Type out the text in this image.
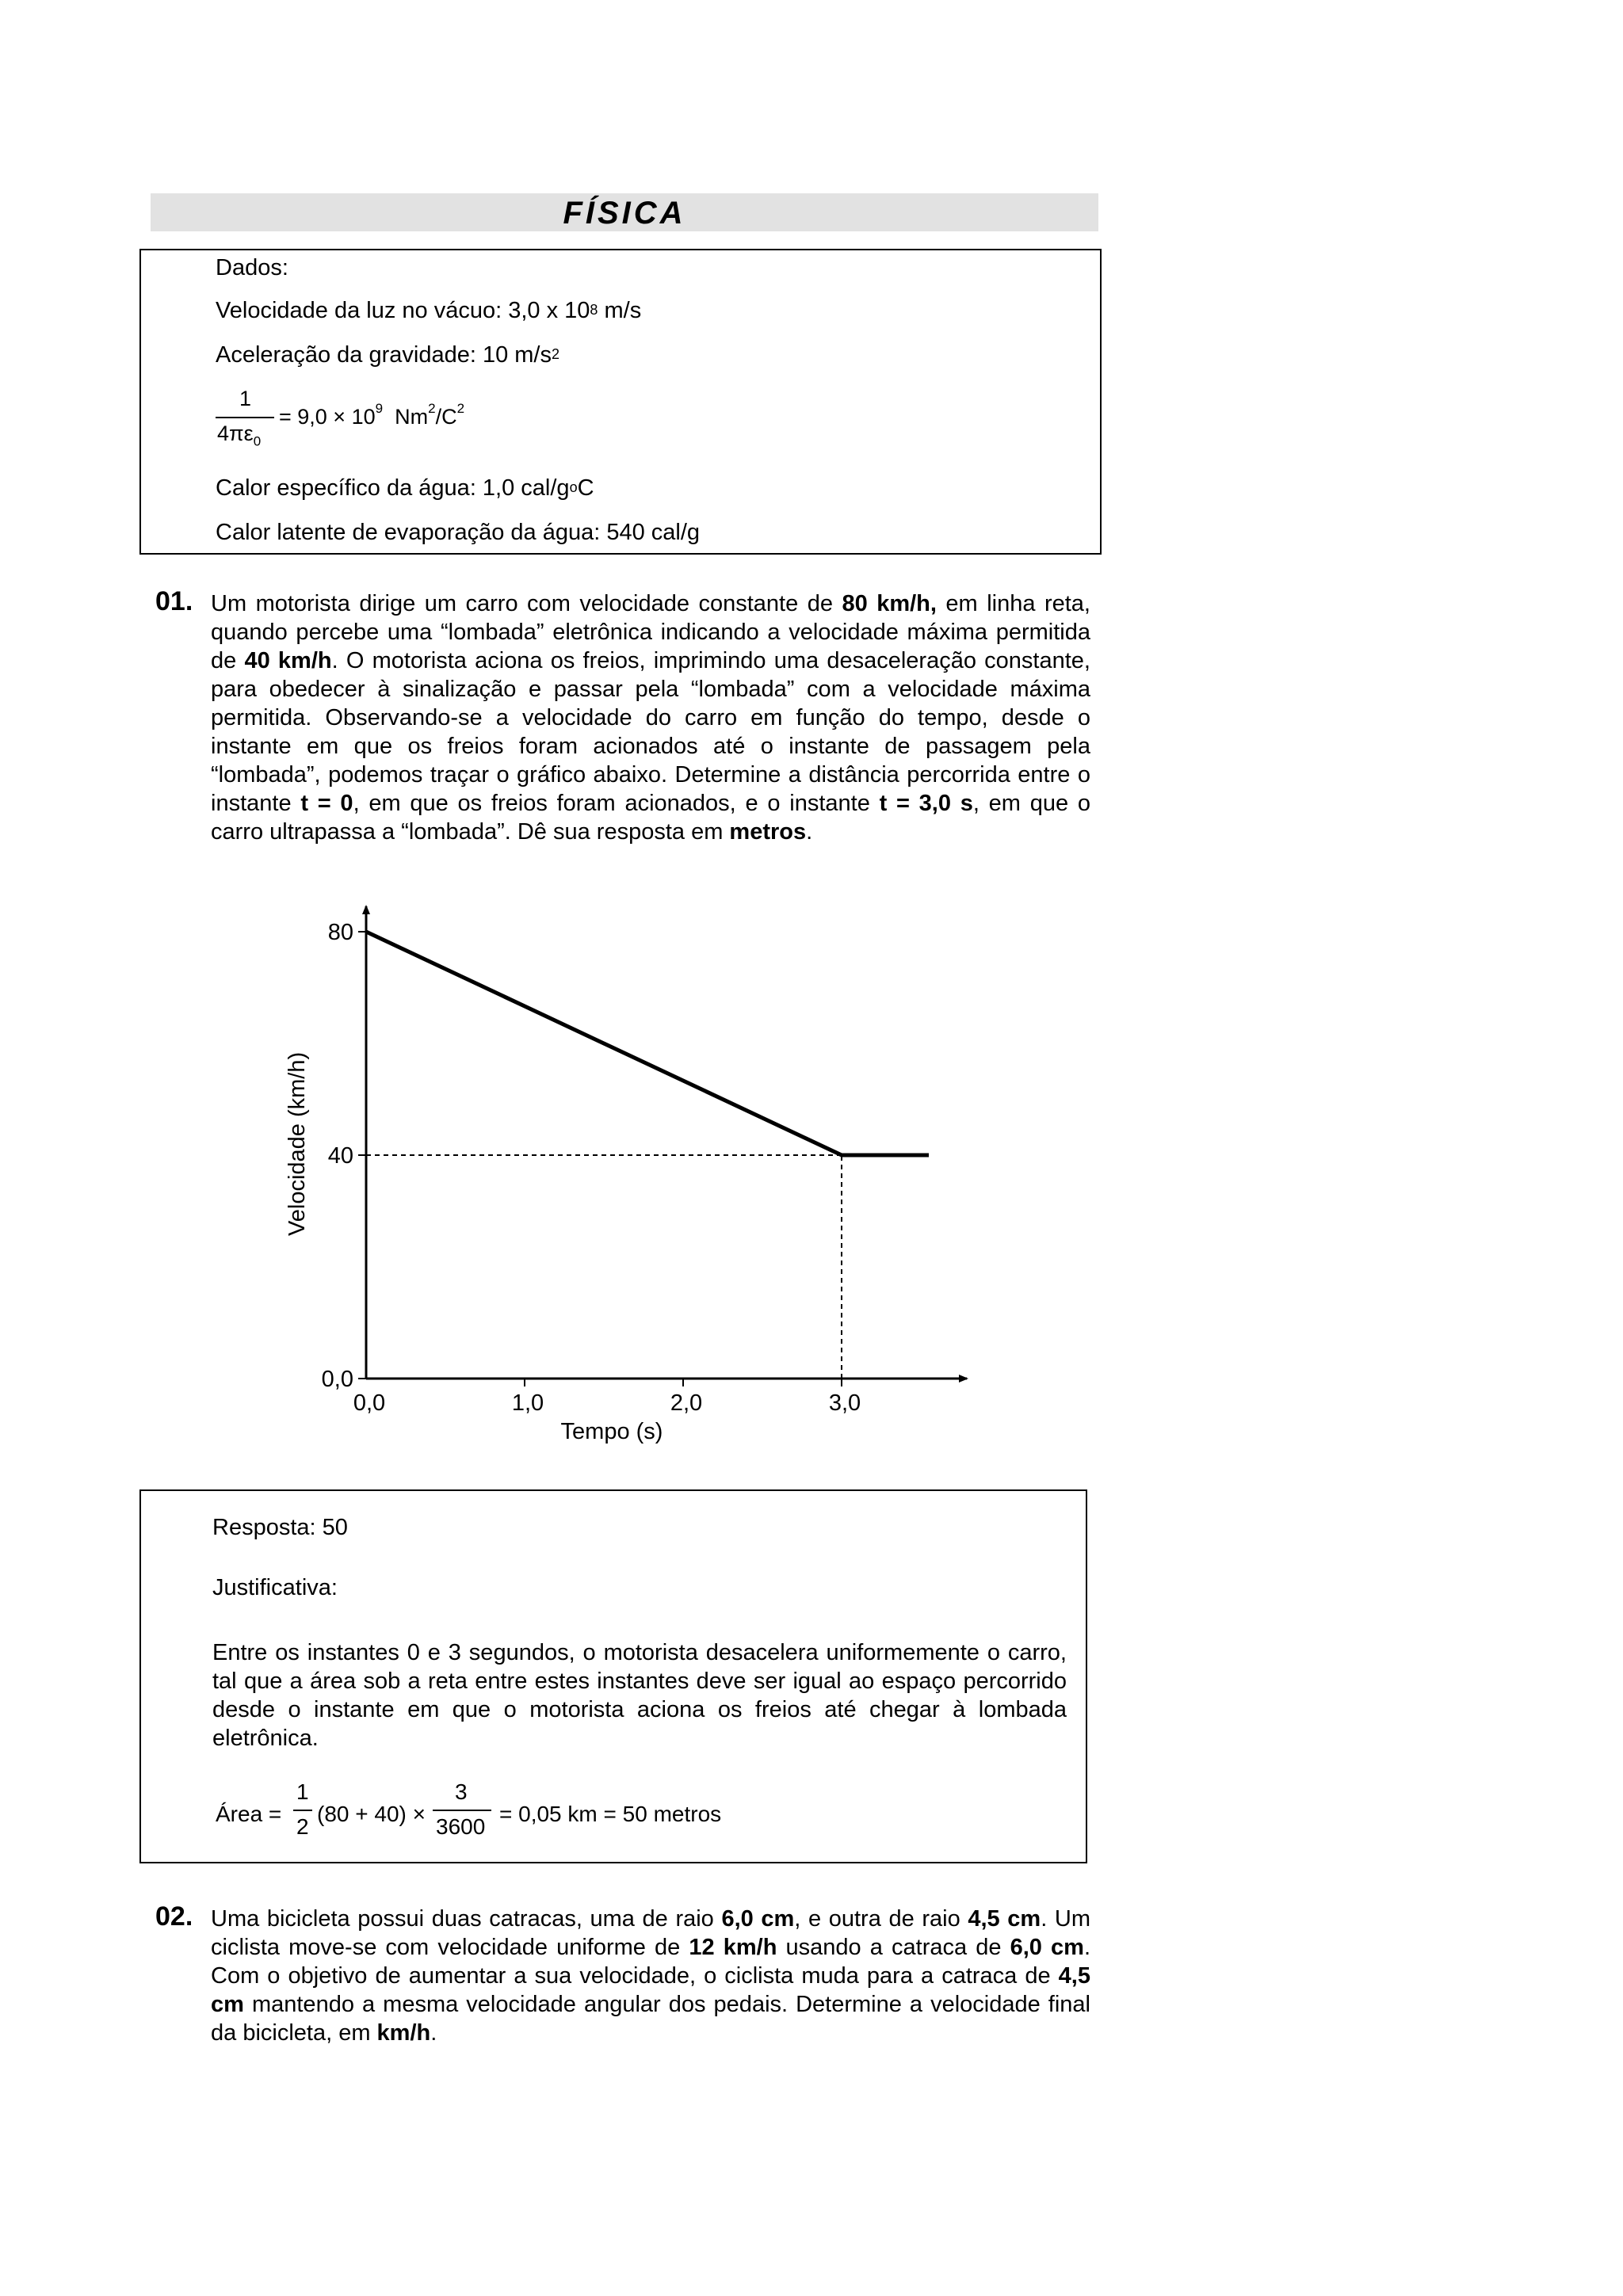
FÍSICA
Dados:
Velocidade da luz no vácuo: 3,0 x $10^8$ m/s
Aceleração da gravidade: 10 $m/s^2$
1
$4\pi\varepsilon_0$
= $9,0 \times 10^9$ $Nm^2/C^2$
Calor específico da água: 1,0 cal/$g^oC$
Calor latente de evaporação da água: 540 cal/g
01. Um motorista dirige um carro com velocidade constante de 80 km/h, em linha reta, quando percebe uma “lombada” eletrônica indicando a velocidade máxima permitida de 40 km/h. O motorista aciona os freios, imprimindo uma desaceleração constante, para obedecer à sinalização e passar pela “lombada” com a velocidade máxima permitida. Observando-se a velocidade do carro em função do tempo, desde o instante em que os freios foram acionados até o instante de passagem pela “lombada”, podemos traçar o gráfico abaixo. Determine a distância percorrida entre o instante t = 0, em que os freios foram acionados, e o instante t = 3,0 s, em que o carro ultrapassa a “lombada”. Dê sua resposta em metros.
0,0
40
80
0,0	1,0	2,0	3,0
Tempo (s)
Velocidade (km/h)
Resposta: 50
Justificativa:
Entre os instantes 0 e 3 segundos, o motorista desacelera uniformemente o carro, tal que a área sob a reta entre estes instantes deve ser igual ao espaço percorrido desde o instante em que o motorista aciona os freios até chegar à lombada eletrônica.
Área =
1
2
(80 + 40) ×
3
3600
= 0,05 km = 50 metros
02. Uma bicicleta possui duas catracas, uma de raio 6,0 cm, e outra de raio 4,5 cm. Um ciclista move-se com velocidade uniforme de 12 km/h usando a catraca de 6,0 cm. Com o objetivo de aumentar a sua velocidade, o ciclista muda para a catraca de 4,5 cm mantendo a mesma velocidade angular dos pedais. Determine a velocidade final da bicicleta, em km/h.
